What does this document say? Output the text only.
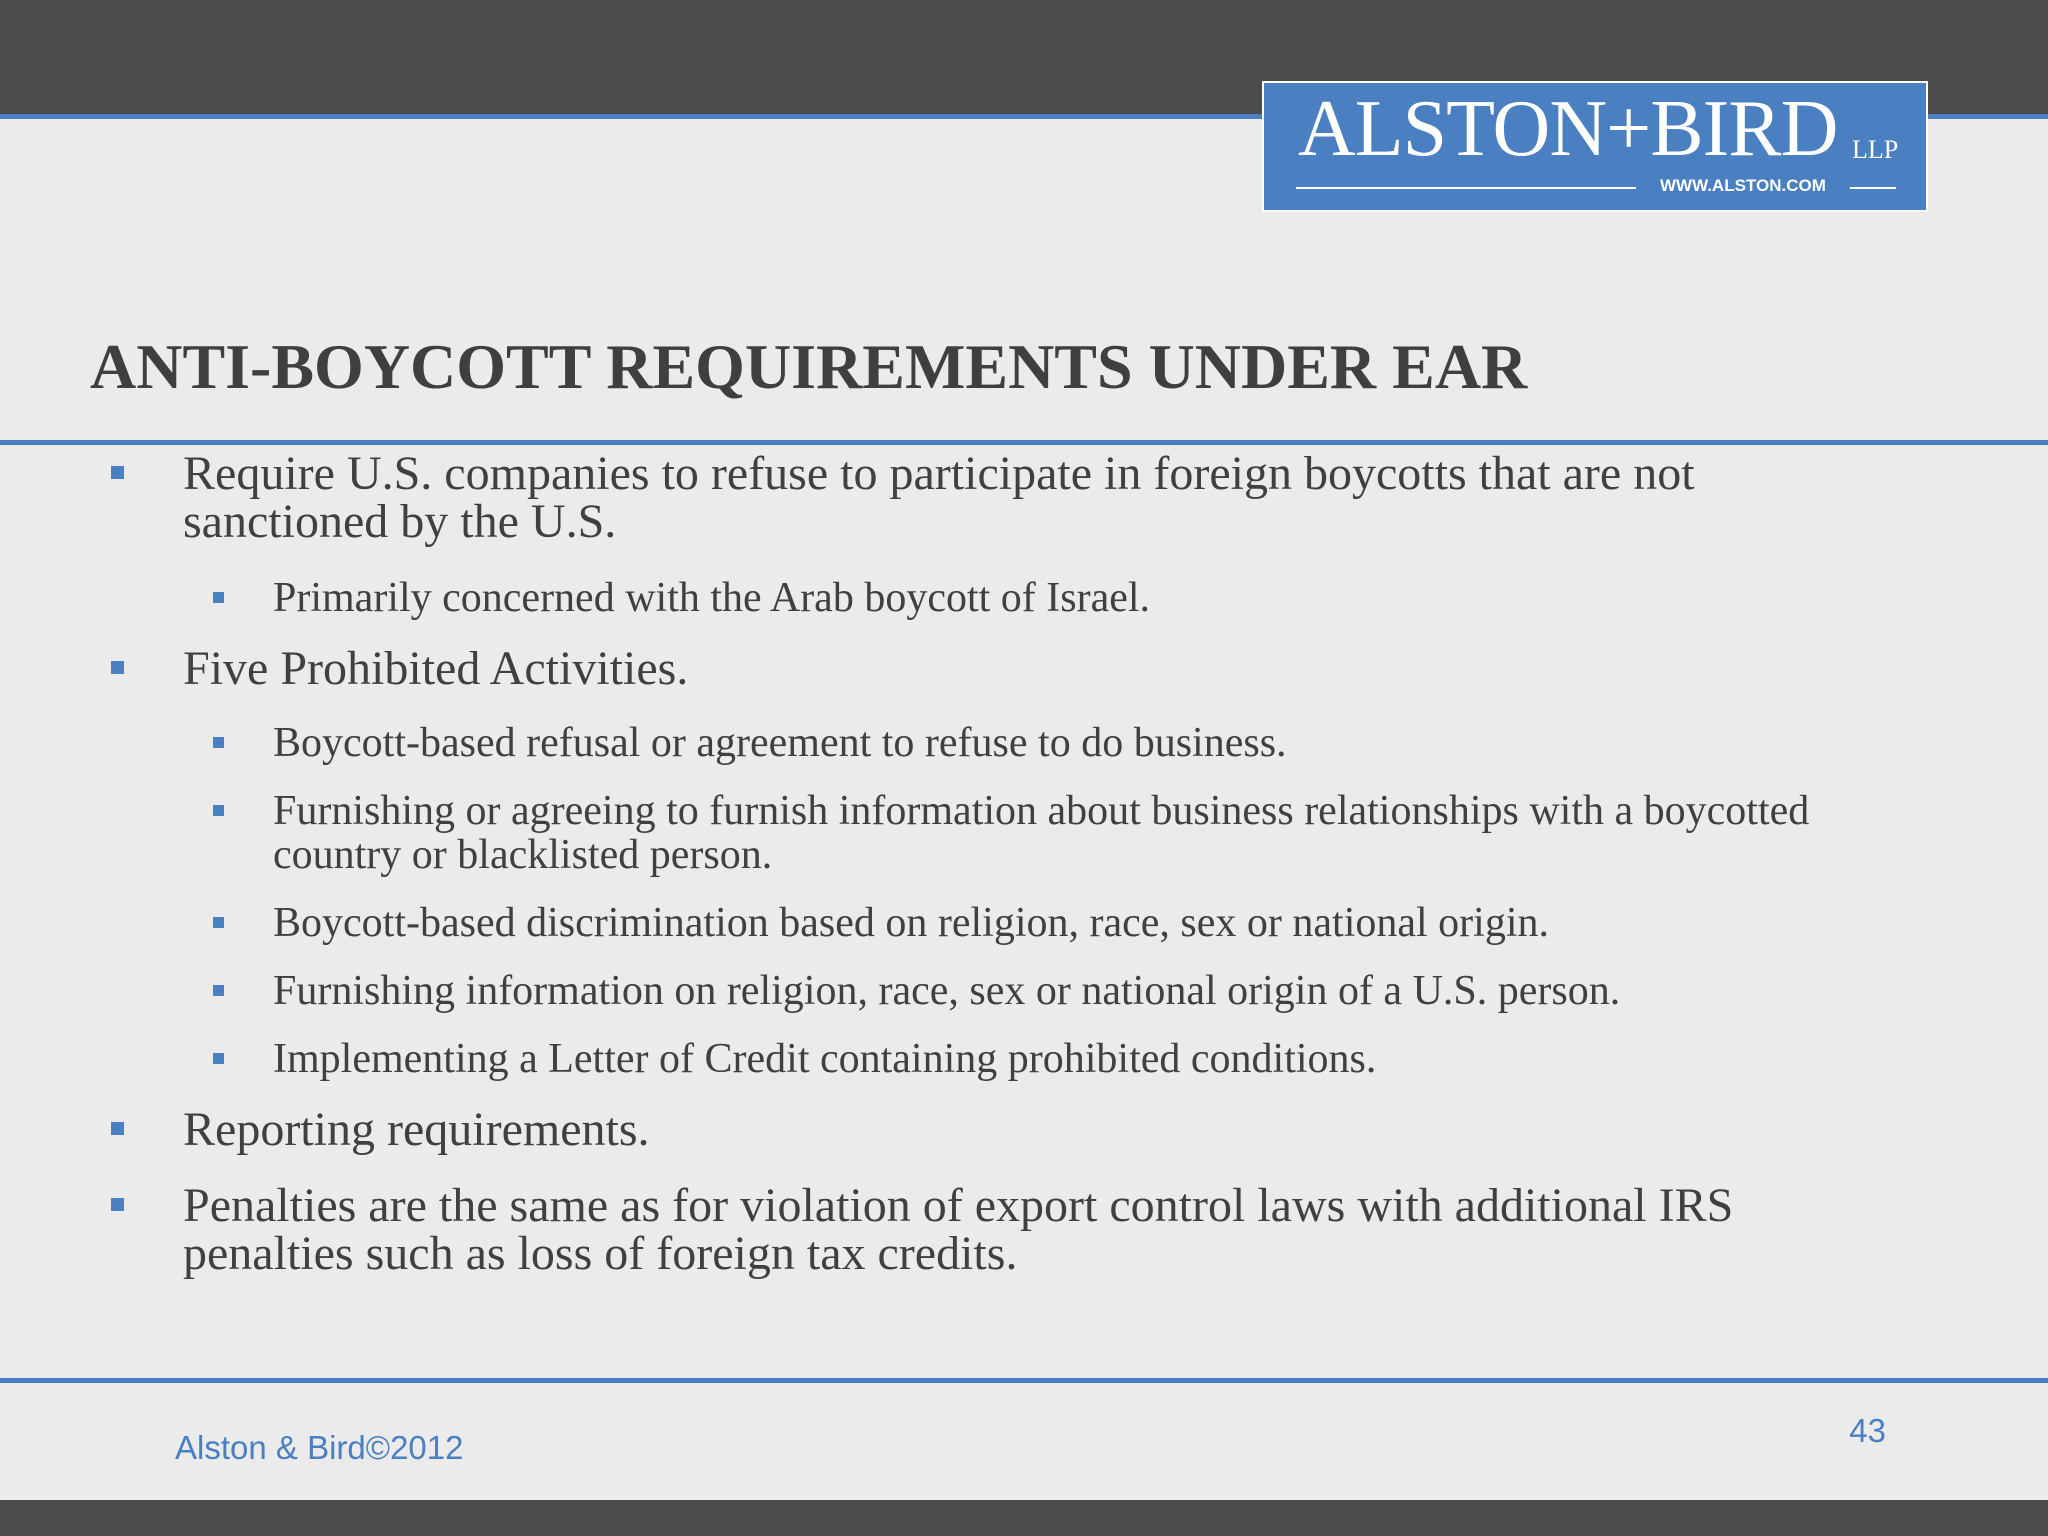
ALSTON+BIRD LLP
WWW.ALSTON.COM
ANTI-BOYCOTT REQUIREMENTS UNDER EAR
Require U.S. companies to refuse to participate in foreign boycotts that are not sanctioned by the U.S.
Primarily concerned with the Arab boycott of Israel.
Five Prohibited Activities.
Boycott-based refusal or agreement to refuse to do business.
Furnishing or agreeing to furnish information about business relationships with a boycotted country or blacklisted person.
Boycott-based discrimination based on religion, race, sex or national origin.
Furnishing information on religion, race, sex or national origin of a U.S. person.
Implementing a Letter of Credit containing prohibited conditions.
Reporting requirements.
Penalties are the same as for violation of export control laws with additional IRS penalties such as loss of foreign tax credits.
Alston & Bird©2012	43
